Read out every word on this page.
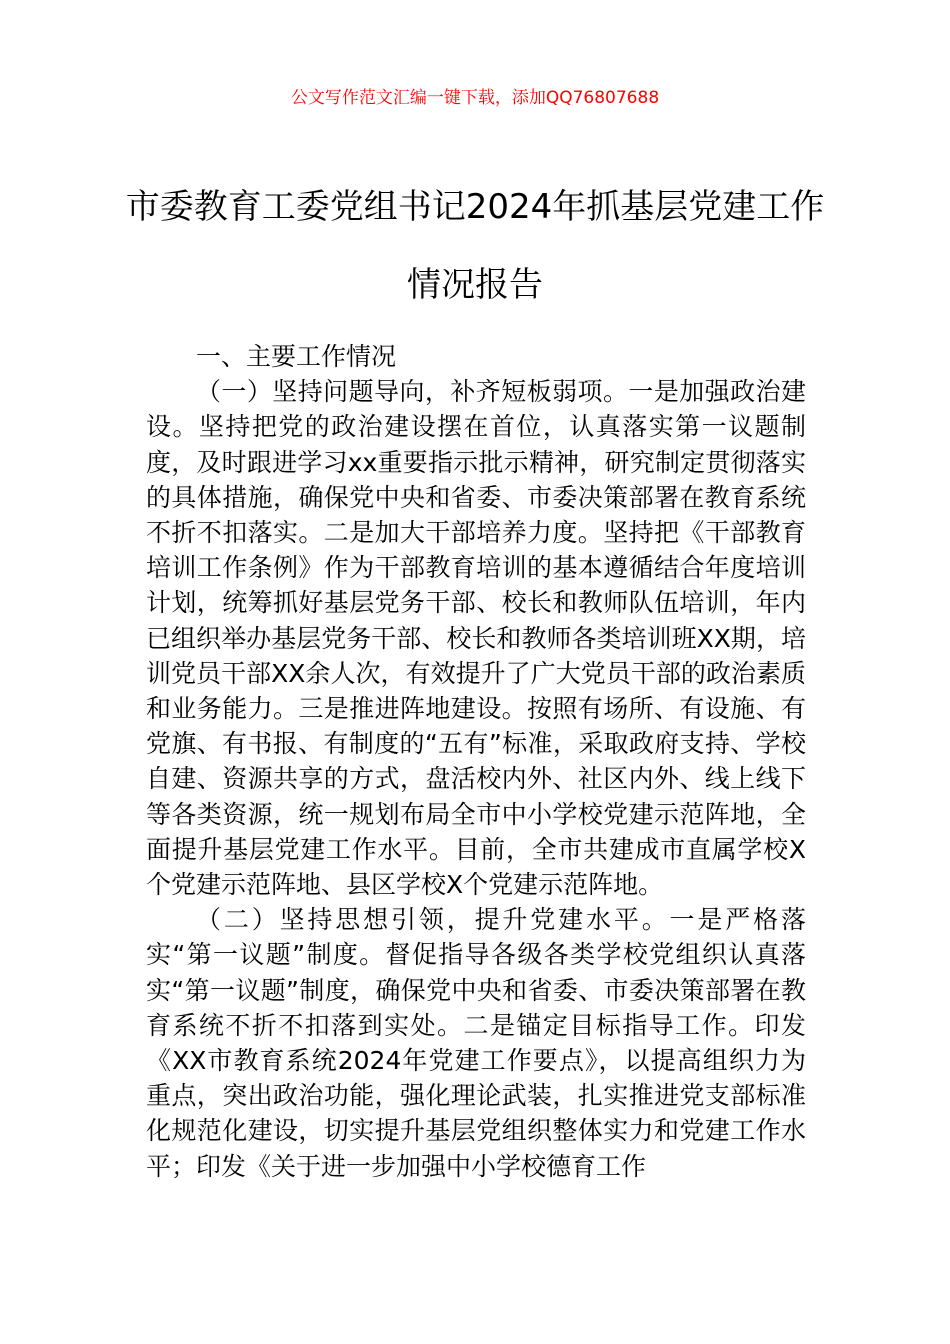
公文写作范文汇编一键下载，添加QQ76807688
市委教育工委党组书记2024年抓基层党建工作情况报告

一、主要工作情况

（一）坚持问题导向，补齐短板弱项。一是加强政治建设。坚持把党的政治建设摆在首位，认真落实第一议题制度，及时跟进学习xx重要指示批示精神，研究制定贯彻落实的具体措施，确保党中央和省委、市委决策部署在教育系统不折不扣落实。二是加大干部培养力度。坚持把《干部教育培训工作条例》作为干部教育培训的基本遵循结合年度培训计划，统筹抓好基层党务干部、校长和教师队伍培训，年内已组织举办基层党务干部、校长和教师各类培训班XX期，培训党员干部XX余人次，有效提升了广大党员干部的政治素质和业务能力。三是推进阵地建设。按照有场所、有设施、有党旗、有书报、有制度的“五有”标准，采取政府支持、学校自建、资源共享的方式，盘活校内外、社区内外、线上线下等各类资源，统一规划布局全市中小学校党建示范阵地，全面提升基层党建工作水平。目前，全市共建成市直属学校X个党建示范阵地、县区学校X个党建示范阵地。

（二）坚持思想引领，提升党建水平。一是严格落实“第一议题”制度。督促指导各级各类学校党组织认真落实“第一议题”制度，确保党中央和省委、市委决策部署在教育系统不折不扣落到实处。二是锚定目标指导工作。印发《XX市教育系统2024年党建工作要点》，以提高组织力为重点，突出政治功能，强化理论武装，扎实推进党支部标准化规范化建设，切实提升基层党组织整体实力和党建工作水平；印发《关于进一步加强中小学校德育工作
